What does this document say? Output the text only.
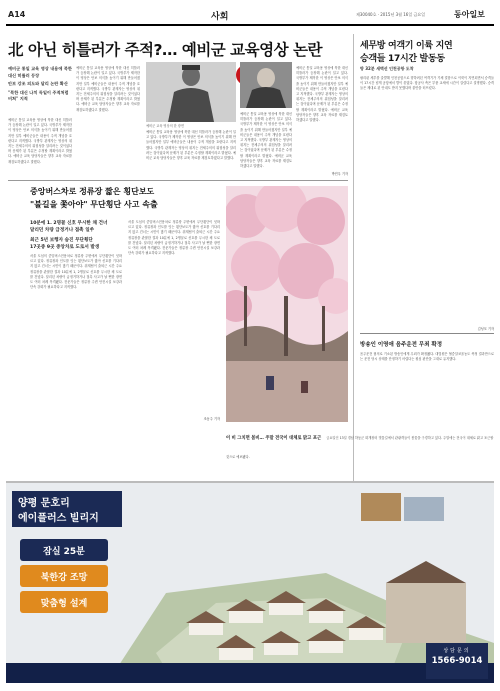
A14	사회	제30040호 · 2015년 3월 16일 금요일	동아일보
北 아닌 히틀러가 주적?… 예비군 교육영상 논란
예비군 통일 교육 영상 내용에 북한 대신 히틀러 등장
안보 강조 의도와 달리 논란 확산
"북한 대신 나치 독일이 주적처럼 비쳐" 지적
예비군 통일 교육용 영상에 북한 대신 히틀러가 등장해 논란이 일고 있다. 국방부가 제작한 이 영상은 안보 의식을 높이기 위해 만들어졌지만 일부 예비군들은 내용이 주적 개념을 흐린다고 지적했다. 국방부 관계자는 영상의 취지는 전체주의의 위험성을 알리려는 것이었다며 문제가 된 부분은 수정할 계획이라고 밝혔다. 예비군 교육 담당자들은 향후 교육 자료를 재검토하겠다고 말했다.
예비군 통일 교육용 영상에 북한 대신 히틀러가 등장해 논란이 일고 있다. 국방부가 제작한 이 영상은 안보 의식을 높이기 위해 만들어졌지만 일부 예비군들은 내용이 주적 개념을 흐린다고 지적했다. 국방부 관계자는 영상의 취지는 전체주의의 위험성을 알리려는 것이었다며 문제가 된 부분은 수정할 계획이라고 밝혔다. 예비군 교육 담당자들은 향후 교육 자료를 재검토하겠다고 말했다.
예비군 교육 영상의 한 장면
예비군 통일 교육용 영상에 북한 대신 히틀러가 등장해 논란이 일고 있다. 국방부가 제작한 이 영상은 안보 의식을 높이기 위해 만들어졌지만 일부 예비군들은 내용이 주적 개념을 흐린다고 지적했다. 국방부 관계자는 영상의 취지는 전체주의의 위험성을 알리려는 것이었다며 문제가 된 부분은 수정할 계획이라고 밝혔다. 예비군 교육 담당자들은 향후 교육 자료를 재검토하겠다고 말했다.
예비군 통일 교육용 영상에 북한 대신 히틀러가 등장해 논란이 일고 있다. 국방부가 제작한 이 영상은 안보 의식을 높이기 위해 만들어졌지만 일부 예비군들은 내용이 주적 개념을 흐린다고 지적했다. 국방부 관계자는 영상의 취지는 전체주의의 위험성을 알리려는 것이었다며 문제가 된 부분은 수정할 계획이라고 밝혔다. 예비군 교육 담당자들은 향후 교육 자료를 재검토하겠다고 말했다.
예비군 통일 교육용 영상에 북한 대신 히틀러가 등장해 논란이 일고 있다. 국방부가 제작한 이 영상은 안보 의식을 높이기 위해 만들어졌지만 일부 예비군들은 내용이 주적 개념을 흐린다고 지적했다. 국방부 관계자는 영상의 취지는 전체주의의 위험성을 알리려는 것이었다며 문제가 된 부분은 수정할 계획이라고 밝혔다. 예비군 교육 담당자들은 향후 교육 자료를 재검토하겠다고 말했다.
박민우 기자
세무방 여객기 이륙 지연
승객들 17시간 발동동
방 32분 새벽선 인천공항 도착
필리핀 세부를 출발해 인천공항으로 향하려던 여객기가 기체 결함으로 이륙이 지연되면서 승객들이 17시간 넘게 공항에서 발이 묶였다. 항공사 측은 부품 교체에 시간이 걸렸다고 설명했다. 승객들은 제대로 된 안내도 받지 못했다며 불만을 터뜨렸다.
김성모 기자
방송인 이영애 음주운전 무죄 확정
음주운전 혐의로 기소된 방송인에게 무죄가 확정됐다. 대법원은 혈중알코올농도 측정 결과만으로는 운전 당시 상태를 단정하기 어렵다는 원심 판단을 그대로 유지했다.
중앙버스차로 정류장 짧은 횡단보도
"불길을 쫓아야" 무단횡단 사고 속출
10분에 1. 2명꼴 신호 무시한 채 건너
달리던 차량 급정거나 접촉 일쑤
최근 5년 보행자 숨진 무단횡단
17곳중 9곳 중앙차로 도로서 발생
서울 도심의 중앙버스전용차로 정류장 주변에서 무단횡단이 잇따르고 있다. 정류장과 인도를 잇는 횡단보도가 짧아 신호를 기다리지 않고 건너는 시민이 많기 때문이다. 취재팀이 출퇴근 시간 주요 정류장을 관찰한 결과 10분에 1, 2명꼴로 신호를 무시한 채 도로를 건넜다. 달리던 차량이 급정거하거나 접촉 사고가 날 뻔한 장면도 여러 차례 목격됐다. 전문가들은 정류장 주변 안전시설 보강과 단속 강화가 필요하다고 지적했다.
서울 도심의 중앙버스전용차로 정류장 주변에서 무단횡단이 잇따르고 있다. 정류장과 인도를 잇는 횡단보도가 짧아 신호를 기다리지 않고 건너는 시민이 많기 때문이다. 취재팀이 출퇴근 시간 주요 정류장을 관찰한 결과 10분에 1, 2명꼴로 신호를 무시한 채 도로를 건넜다. 달리던 차량이 급정거하거나 접촉 사고가 날 뻔한 장면도 여러 차례 목격됐다. 전문가들은 정류장 주변 안전시설 보강과 단속 강화가 필요하다고 지적했다.
조동주 기자
이 비 그치면 봄비… 주말 전국이 대체로 맑고 포근 금요일인 13일 경남 하동군 화개장터 벚꽃길에서 관광객들이 봄꽃을 구경하고 있다. 주말에는 전국이 대체로 맑고 포근할 것으로 예보됐다.
양평 문호리
에이플러스 빌리지
잠실 25분
북한강 조망
맞춤형 설계
상담문의
1566-9014
